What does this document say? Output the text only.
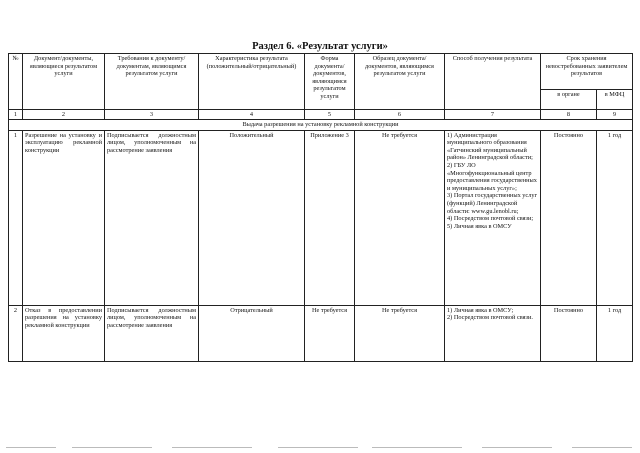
Раздел 6. «Результат услуги»
№	Документ/документы, являющиеся результатом услуги	Требования к документу/документам, являющимся результатом услуги	Характеристика результата (положительный/отрицательный)	Форма документа/ документов, являющимся результатом услуги	Образец документа/документов, являющимся результатом услуги	Способ получения результата	Срок хранения невостребованных заявителем результатов	
							в органе	в МФЦ
1	2	3	4	5	6	7	8	9
Выдача разрешения на установку рекламной конструкции								
1	Разрешение на установку и эксплуатацию рекламной конструкции	Подписывается должностным лицом, уполномоченным на рассмотрение заявления	Положительный	Приложение 3	Не требуется	1) Администрация муниципального образования «Гатчинский муниципальный район» Ленинградской области;
2) ГБУ ЛО «Многофункциональный центр предоставления государственных и муниципальных услуг»;
3) Портал государственных услуг (функций) Ленинградской области: www.gu.lenobl.ru;
4) Посредством почтовой связи;
5) Личная явка в ОМСУ	Постоянно	1 год
2	Отказ в предоставлении разрешения на установку рекламной конструкции	Подписывается должностным лицом, уполномоченным на рассмотрение заявления	Отрицательный	Не требуется	Не требуется	1) Личная явка в ОМСУ;
2) Посредством почтовой связи.	Постоянно	1 год
